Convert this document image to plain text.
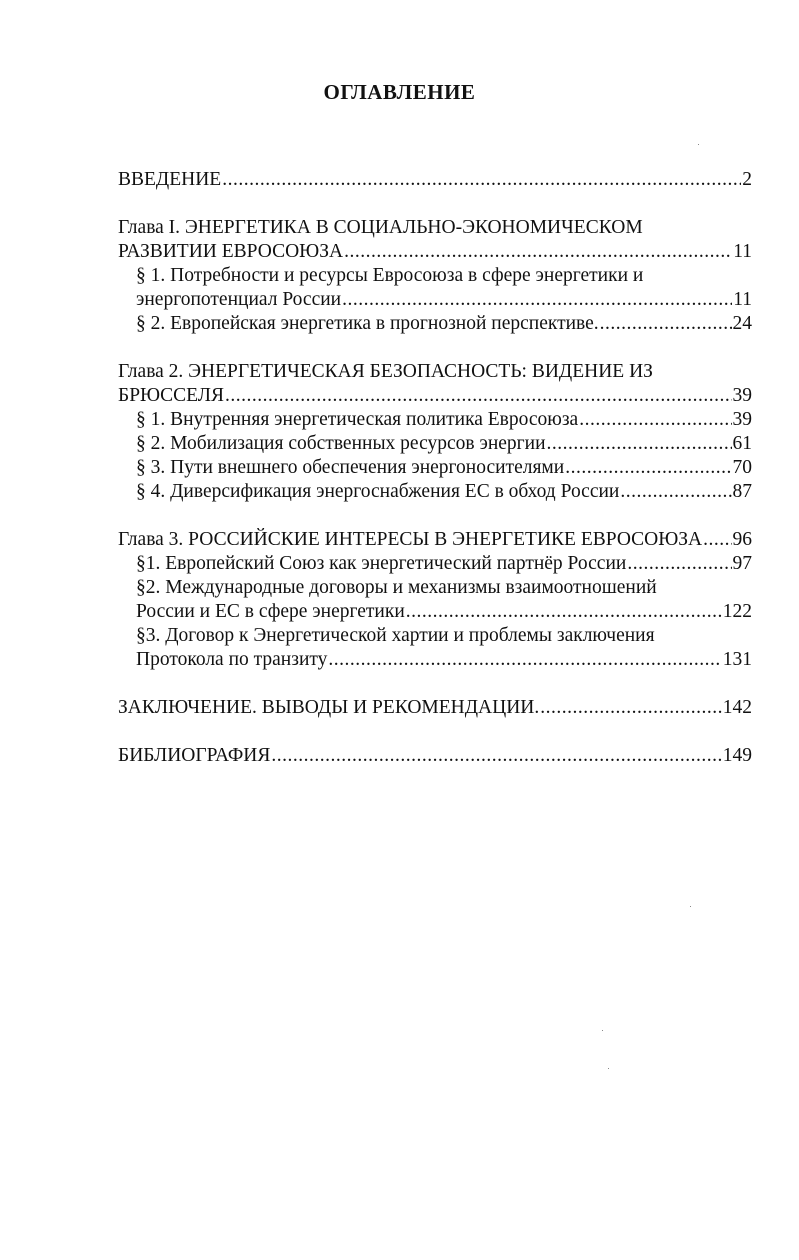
ОГЛАВЛЕНИЕ
ВВЕДЕНИЕ .....	2
Глава I. ЭНЕРГЕТИКА В СОЦИАЛЬНО-ЭКОНОМИЧЕСКОМ
РАЗВИТИИ ЕВРОСОЮЗА .....	11
§ 1. Потребности и ресурсы Евросоюза в сфере энергетики и
энергопотенциал России .....	11
§ 2. Европейская энергетика в прогнозной перспективе. .....	24
Глава 2. ЭНЕРГЕТИЧЕСКАЯ БЕЗОПАСНОСТЬ: ВИДЕНИЕ ИЗ
БРЮССЕЛЯ .....	39
§ 1. Внутренняя энергетическая политика Евросоюза .....	39
§ 2. Мобилизация собственных ресурсов энергии .....	61
§ 3. Пути внешнего обеспечения энергоносителями .....	70
§ 4. Диверсификация энергоснабжения ЕС в обход России .....	87
Глава 3. РОССИЙСКИЕ ИНТЕРЕСЫ В ЭНЕРГЕТИКЕ ЕВРОСОЮЗА ..... 96
§1. Европейский Союз как энергетический партнёр России .....	97
§2. Международные договоры и механизмы взаимоотношений
России и ЕС в сфере энергетики .....	122
§3. Договор к Энергетической хартии и проблемы заключения
Протокола по транзиту .....	131
ЗАКЛЮЧЕНИЕ. ВЫВОДЫ И РЕКОМЕНДАЦИИ. .....	142
БИБЛИОГРАФИЯ .....	149
